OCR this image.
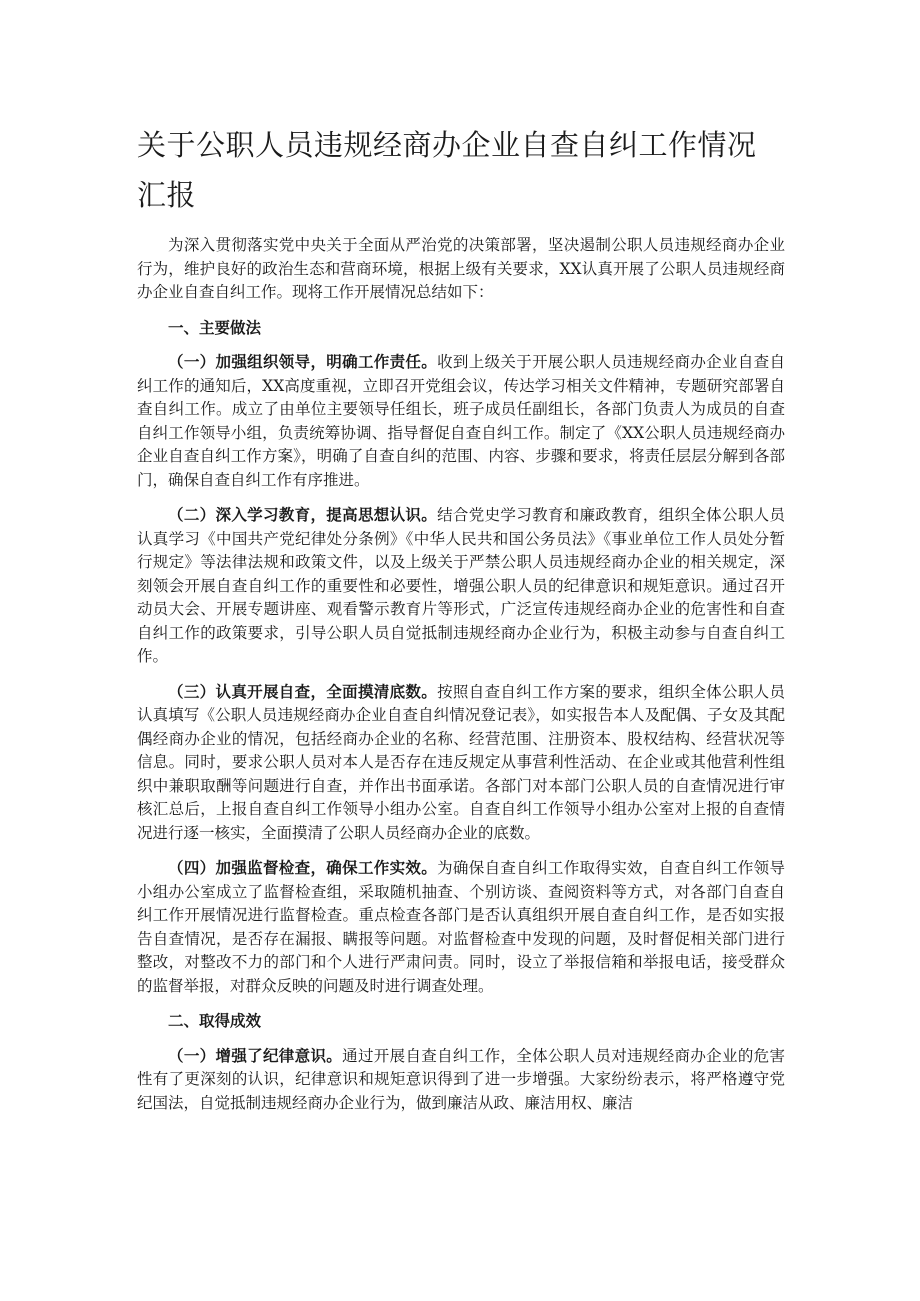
关于公职人员违规经商办企业自查自纠工作情况汇报

为深入贯彻落实党中央关于全面从严治党的决策部署，坚决遏制公职人员违规经商办企业行为，维护良好的政治生态和营商环境，根据上级有关要求，XX认真开展了公职人员违规经商办企业自查自纠工作。现将工作开展情况总结如下：

一、主要做法

（一）加强组织领导，明确工作责任。收到上级关于开展公职人员违规经商办企业自查自纠工作的通知后，XX高度重视，立即召开党组会议，传达学习相关文件精神，专题研究部署自查自纠工作。成立了由单位主要领导任组长，班子成员任副组长，各部门负责人为成员的自查自纠工作领导小组，负责统筹协调、指导督促自查自纠工作。制定了《XX公职人员违规经商办企业自查自纠工作方案》，明确了自查自纠的范围、内容、步骤和要求，将责任层层分解到各部门，确保自查自纠工作有序推进。

（二）深入学习教育，提高思想认识。结合党史学习教育和廉政教育，组织全体公职人员认真学习《中国共产党纪律处分条例》《中华人民共和国公务员法》《事业单位工作人员处分暂行规定》等法律法规和政策文件，以及上级关于严禁公职人员违规经商办企业的相关规定，深刻领会开展自查自纠工作的重要性和必要性，增强公职人员的纪律意识和规矩意识。通过召开动员大会、开展专题讲座、观看警示教育片等形式，广泛宣传违规经商办企业的危害性和自查自纠工作的政策要求，引导公职人员自觉抵制违规经商办企业行为，积极主动参与自查自纠工作。

（三）认真开展自查，全面摸清底数。按照自查自纠工作方案的要求，组织全体公职人员认真填写《公职人员违规经商办企业自查自纠情况登记表》，如实报告本人及配偶、子女及其配偶经商办企业的情况，包括经商办企业的名称、经营范围、注册资本、股权结构、经营状况等信息。同时，要求公职人员对本人是否存在违反规定从事营利性活动、在企业或其他营利性组织中兼职取酬等问题进行自查，并作出书面承诺。各部门对本部门公职人员的自查情况进行审核汇总后，上报自查自纠工作领导小组办公室。自查自纠工作领导小组办公室对上报的自查情况进行逐一核实，全面摸清了公职人员经商办企业的底数。

（四）加强监督检查，确保工作实效。为确保自查自纠工作取得实效，自查自纠工作领导小组办公室成立了监督检查组，采取随机抽查、个别访谈、查阅资料等方式，对各部门自查自纠工作开展情况进行监督检查。重点检查各部门是否认真组织开展自查自纠工作，是否如实报告自查情况，是否存在漏报、瞒报等问题。对监督检查中发现的问题，及时督促相关部门进行整改，对整改不力的部门和个人进行严肃问责。同时，设立了举报信箱和举报电话，接受群众的监督举报，对群众反映的问题及时进行调查处理。

二、取得成效

（一）增强了纪律意识。通过开展自查自纠工作，全体公职人员对违规经商办企业的危害性有了更深刻的认识，纪律意识和规矩意识得到了进一步增强。大家纷纷表示，将严格遵守党纪国法，自觉抵制违规经商办企业行为，做到廉洁从政、廉洁用权、廉洁
